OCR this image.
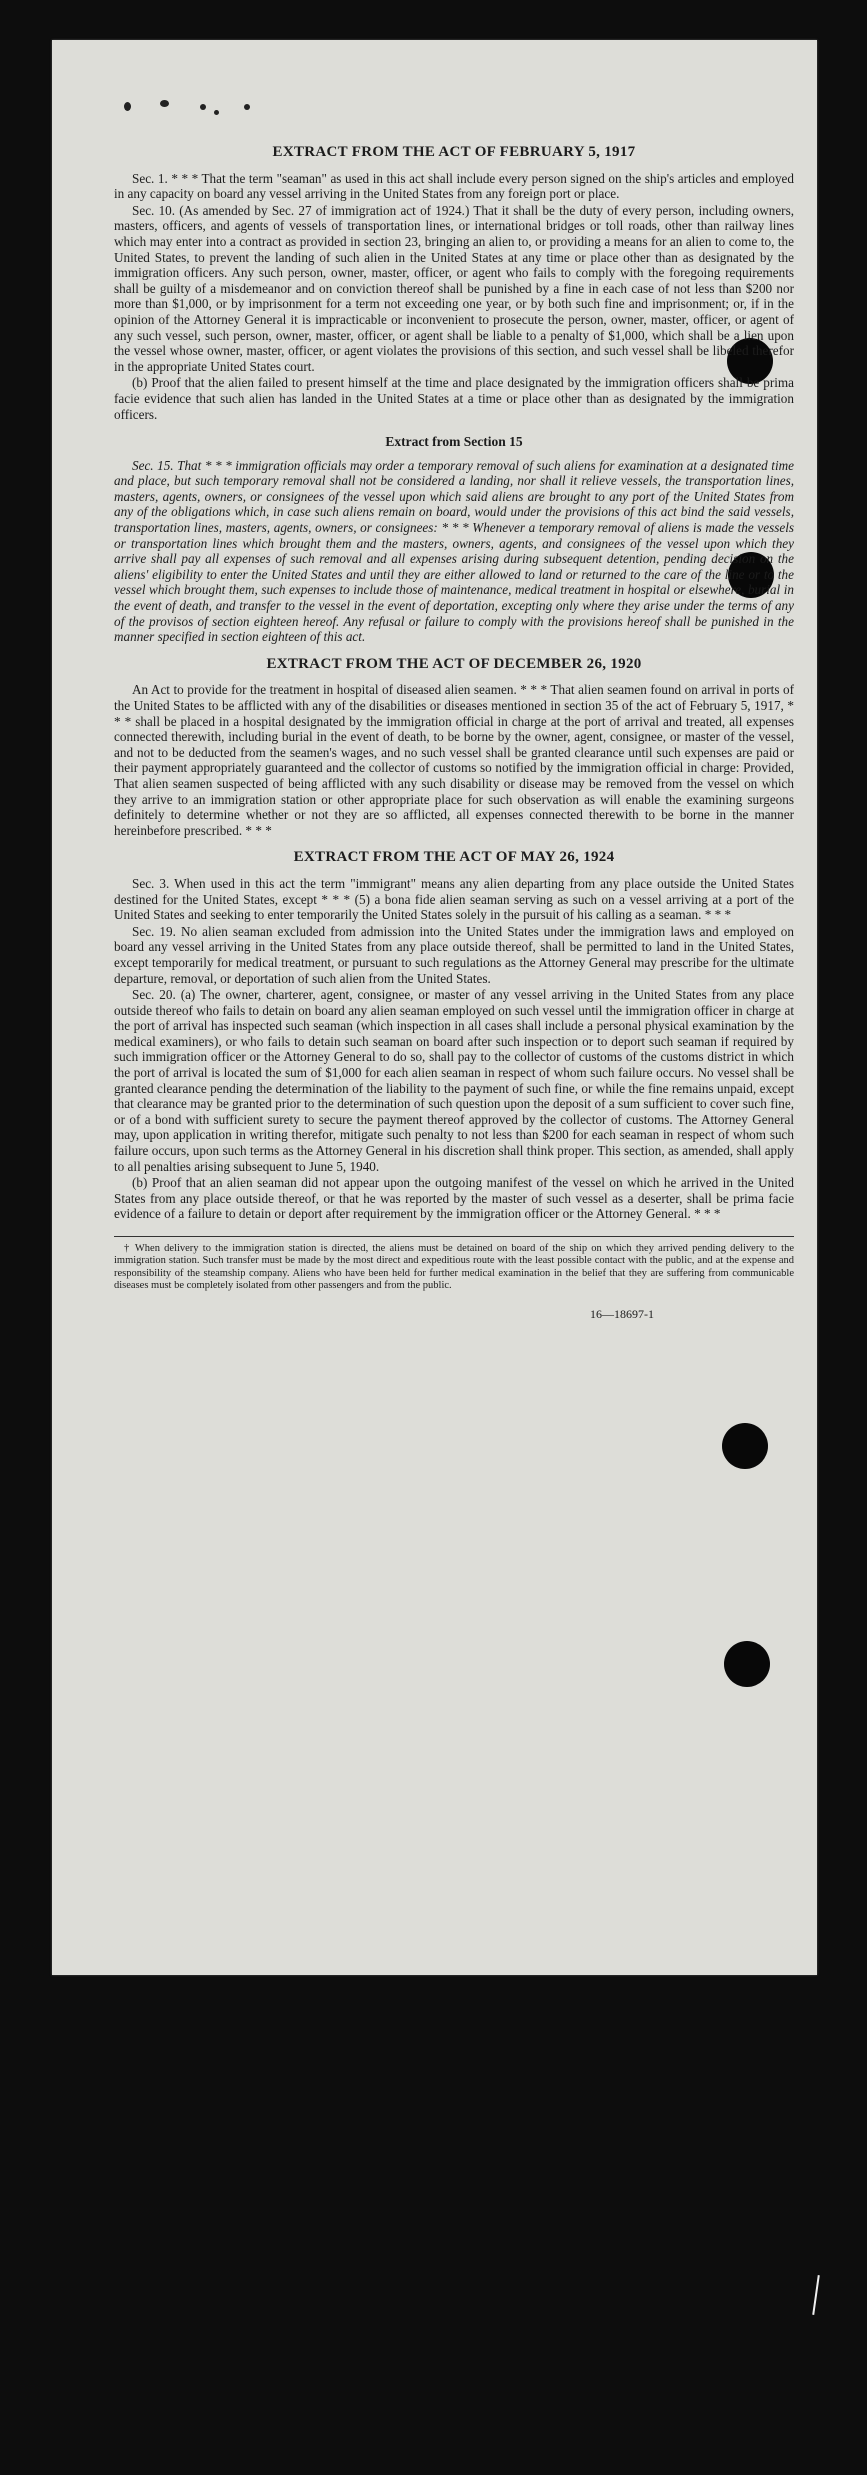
EXTRACT FROM THE ACT OF FEBRUARY 5, 1917

Sec. 1. * * * That the term "seaman" as used in this act shall include every person signed on the ship's articles and employed in any capacity on board any vessel arriving in the United States from any foreign port or place.

Sec. 10. (As amended by Sec. 27 of immigration act of 1924.) That it shall be the duty of every person, including owners, masters, officers, and agents of vessels of transportation lines, or international bridges or toll roads, other than railway lines which may enter into a contract as provided in section 23, bringing an alien to, or providing a means for an alien to come to, the United States, to prevent the landing of such alien in the United States at any time or place other than as designated by the immigration officers. Any such person, owner, master, officer, or agent who fails to comply with the foregoing requirements shall be guilty of a misdemeanor and on conviction thereof shall be punished by a fine in each case of not less than $200 nor more than $1,000, or by imprisonment for a term not exceeding one year, or by both such fine and imprisonment; or, if in the opinion of the Attorney General it is impracticable or inconvenient to prosecute the person, owner, master, officer, or agent of any such vessel, such person, owner, master, officer, or agent shall be liable to a penalty of $1,000, which shall be a lien upon the vessel whose owner, master, officer, or agent violates the provisions of this section, and such vessel shall be libeled therefor in the appropriate United States court.

(b) Proof that the alien failed to present himself at the time and place designated by the immigration officers shall be prima facie evidence that such alien has landed in the United States at a time or place other than as designated by the immigration officers.

Extract from Section 15

Sec. 15. That * * * immigration officials may order a temporary removal of such aliens for examination at a designated time and place, but such temporary removal shall not be considered a landing, nor shall it relieve vessels, the transportation lines, masters, agents, owners, or consignees of the vessel upon which said aliens are brought to any port of the United States from any of the obligations which, in case such aliens remain on board, would under the provisions of this act bind the said vessels, transportation lines, masters, agents, owners, or consignees: * * * Whenever a temporary removal of aliens is made the vessels or transportation lines which brought them and the masters, owners, agents, and consignees of the vessel upon which they arrive shall pay all expenses of such removal and all expenses arising during subsequent detention, pending decision on the aliens' eligibility to enter the United States and until they are either allowed to land or returned to the care of the line or to the vessel which brought them, such expenses to include those of maintenance, medical treatment in hospital or elsewhere, burial in the event of death, and transfer to the vessel in the event of deportation, excepting only where they arise under the terms of any of the provisos of section eighteen hereof. Any refusal or failure to comply with the provisions hereof shall be punished in the manner specified in section eighteen of this act.

EXTRACT FROM THE ACT OF DECEMBER 26, 1920

An Act to provide for the treatment in hospital of diseased alien seamen. * * * That alien seamen found on arrival in ports of the United States to be afflicted with any of the disabilities or diseases mentioned in section 35 of the act of February 5, 1917, * * * shall be placed in a hospital designated by the immigration official in charge at the port of arrival and treated, all expenses connected therewith, including burial in the event of death, to be borne by the owner, agent, consignee, or master of the vessel, and not to be deducted from the seamen's wages, and no such vessel shall be granted clearance until such expenses are paid or their payment appropriately guaranteed and the collector of customs so notified by the immigration official in charge: Provided, That alien seamen suspected of being afflicted with any such disability or disease may be removed from the vessel on which they arrive to an immigration station or other appropriate place for such observation as will enable the examining surgeons definitely to determine whether or not they are so afflicted, all expenses connected therewith to be borne in the manner hereinbefore prescribed. * * *

EXTRACT FROM THE ACT OF MAY 26, 1924

Sec. 3. When used in this act the term "immigrant" means any alien departing from any place outside the United States destined for the United States, except * * * (5) a bona fide alien seaman serving as such on a vessel arriving at a port of the United States and seeking to enter temporarily the United States solely in the pursuit of his calling as a seaman. * * *

Sec. 19. No alien seaman excluded from admission into the United States under the immigration laws and employed on board any vessel arriving in the United States from any place outside thereof, shall be permitted to land in the United States, except temporarily for medical treatment, or pursuant to such regulations as the Attorney General may prescribe for the ultimate departure, removal, or deportation of such alien from the United States.

Sec. 20. (a) The owner, charterer, agent, consignee, or master of any vessel arriving in the United States from any place outside thereof who fails to detain on board any alien seaman employed on such vessel until the immigration officer in charge at the port of arrival has inspected such seaman (which inspection in all cases shall include a personal physical examination by the medical examiners), or who fails to detain such seaman on board after such inspection or to deport such seaman if required by such immigration officer or the Attorney General to do so, shall pay to the collector of customs of the customs district in which the port of arrival is located the sum of $1,000 for each alien seaman in respect of whom such failure occurs. No vessel shall be granted clearance pending the determination of the liability to the payment of such fine, or while the fine remains unpaid, except that clearance may be granted prior to the determination of such question upon the deposit of a sum sufficient to cover such fine, or of a bond with sufficient surety to secure the payment thereof approved by the collector of customs. The Attorney General may, upon application in writing therefor, mitigate such penalty to not less than $200 for each seaman in respect of whom such failure occurs, upon such terms as the Attorney General in his discretion shall think proper. This section, as amended, shall apply to all penalties arising subsequent to June 5, 1940.

(b) Proof that an alien seaman did not appear upon the outgoing manifest of the vessel on which he arrived in the United States from any place outside thereof, or that he was reported by the master of such vessel as a deserter, shall be prima facie evidence of a failure to detain or deport after requirement by the immigration officer or the Attorney General. * * *

† When delivery to the immigration station is directed, the aliens must be detained on board of the ship on which they arrived pending delivery to the immigration station. Such transfer must be made by the most direct and expeditious route with the least possible contact with the public, and at the expense and responsibility of the steamship company. Aliens who have been held for further medical examination in the belief that they are suffering from communicable diseases must be completely isolated from other passengers and from the public.

16—18697-1
